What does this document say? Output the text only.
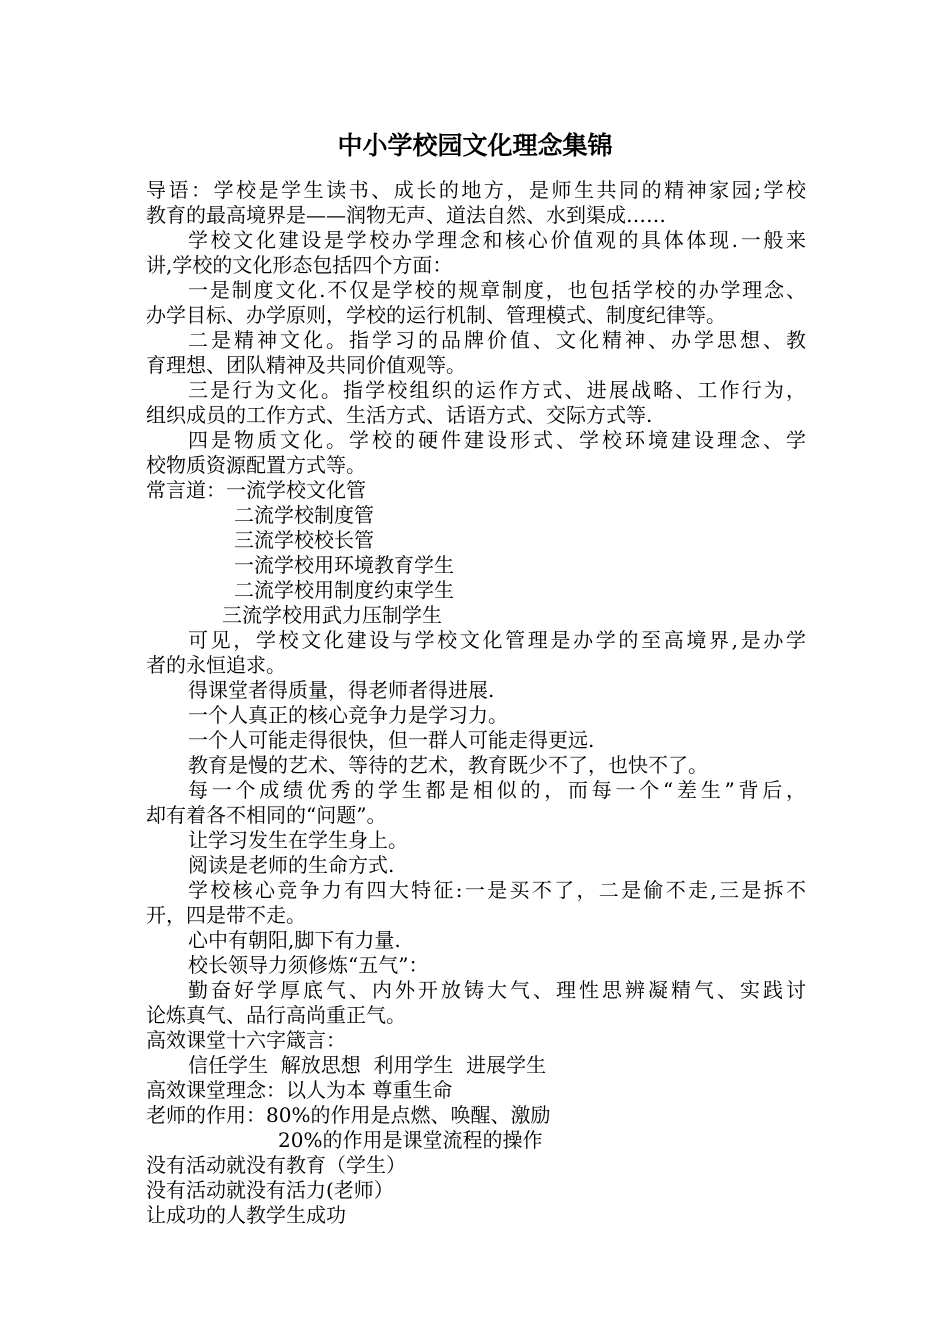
中小学校园文化理念集锦
导语：学校是学生读书、成长的地方，是师生共同的精神家园;学校
教育的最高境界是——润物无声、道法自然、水到渠成……
学校文化建设是学校办学理念和核心价值观的具体体现.一般来
讲,学校的文化形态包括四个方面：
一是制度文化.不仅是学校的规章制度，也包括学校的办学理念、
办学目标、办学原则，学校的运行机制、管理模式、制度纪律等。
二是精神文化。指学习的品牌价值、文化精神、办学思想、教
育理想、团队精神及共同价值观等。
三是行为文化。指学校组织的运作方式、进展战略、工作行为，
组织成员的工作方式、生活方式、话语方式、交际方式等.
四是物质文化。学校的硬件建设形式、学校环境建设理念、学
校物质资源配置方式等。
常言道：一流学校文化管
二流学校制度管
三流学校校长管
一流学校用环境教育学生
二流学校用制度约束学生
三流学校用武力压制学生
可见，学校文化建设与学校文化管理是办学的至高境界,是办学
者的永恒追求。
得课堂者得质量，得老师者得进展.
一个人真正的核心竞争力是学习力。
一个人可能走得很快，但一群人可能走得更远.
教育是慢的艺术、等待的艺术，教育既少不了，也快不了。
每一个成绩优秀的学生都是相似的，而每一个“差生”背后，
却有着各不相同的“问题”。
让学习发生在学生身上。
阅读是老师的生命方式.
学校核心竞争力有四大特征:一是买不了，二是偷不走,三是拆不
开，四是带不走。
心中有朝阳,脚下有力量.
校长领导力须修炼“五气”：
勤奋好学厚底气、内外开放铸大气、理性思辨凝精气、实践讨
论炼真气、品行高尚重正气。
高效课堂十六字箴言：
信任学生  解放思想  利用学生  进展学生
高效课堂理念：以人为本 尊重生命
老师的作用：80%的作用是点燃、唤醒、激励
20%的作用是课堂流程的操作
没有活动就没有教育（学生）
没有活动就没有活力(老师）
让成功的人教学生成功
